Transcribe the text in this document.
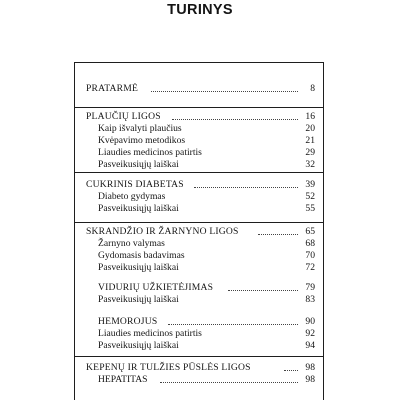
TURINYS
PRATARMĖ	8
PLAUČIŲ LIGOS	16
Kaip išvalyti plaučius	20
Kvėpavimo metodikos	21
Liaudies medicinos patirtis	29
Pasveikusiųjų laiškai	32
CUKRINIS DIABETAS	39
Diabeto gydymas	52
Pasveikusiųjų laiškai	55
SKRANDŽIO IR ŽARNYNO LIGOS	65
Žarnyno valymas	68
Gydomasis badavimas	70
Pasveikusiųjų laiškai	72
VIDURIŲ UŽKIETĖJIMAS	79
Pasveikusiųjų laiškai	83
HEMOROJUS	90
Liaudies medicinos patirtis	92
Pasveikusiųjų laiškai	94
KEPENŲ IR TULŽIES PŪSLĖS LIGOS	98
HEPATITAS	98
